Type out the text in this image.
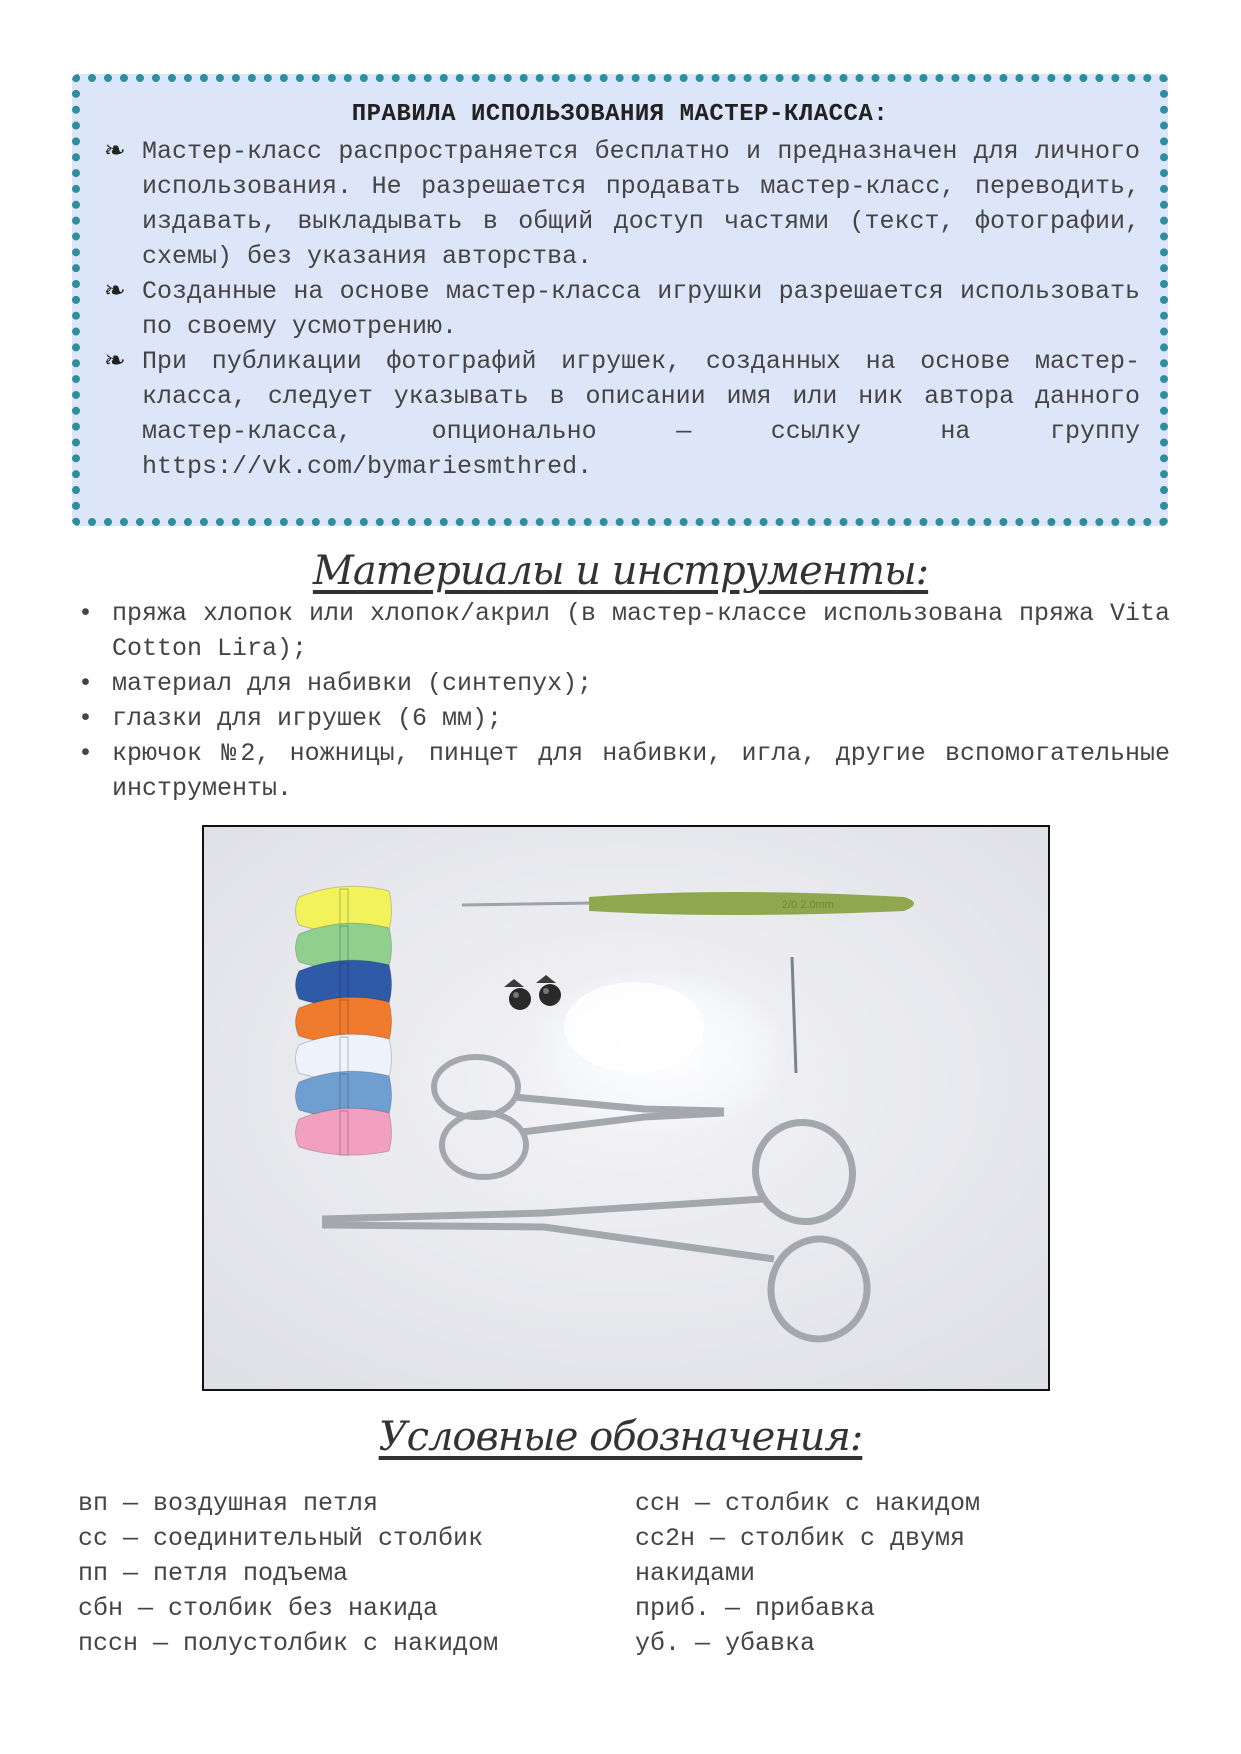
ПРАВИЛА ИСПОЛЬЗОВАНИЯ МАСТЕР-КЛАССА:
❧ Мастер-класс распространяется бесплатно и предназначен для личного использования. Не разрешается продавать мастер-класс, переводить, издавать, выкладывать в общий доступ частями (текст, фотографии, схемы) без указания авторства.
❧ Созданные на основе мастер-класса игрушки разрешается использовать по своему усмотрению.
❧ При публикации фотографий игрушек, созданных на основе мастер-класса, следует указывать в описании имя или ник автора данного мастер-класса, опционально — ссылку на группу https://vk.com/bymariesmthred.
Материалы и инструменты:
• пряжа хлопок или хлопок/акрил (в мастер-классе использована пряжа Vita Cotton Lira);
• материал для набивки (синтепух);
• глазки для игрушек (6 мм);
• крючок №2, ножницы, пинцет для набивки, игла, другие вспомогательные инструменты.
2/0 2.0mm
Условные обозначения:
вп — воздушная петля
сс — соединительный столбик
пп — петля подъема
сбн — столбик без накида
пссн — полустолбик с накидом
ссн — столбик с накидом
сс2н — столбик с двумя
накидами
приб. — прибавка
уб. — убавка
